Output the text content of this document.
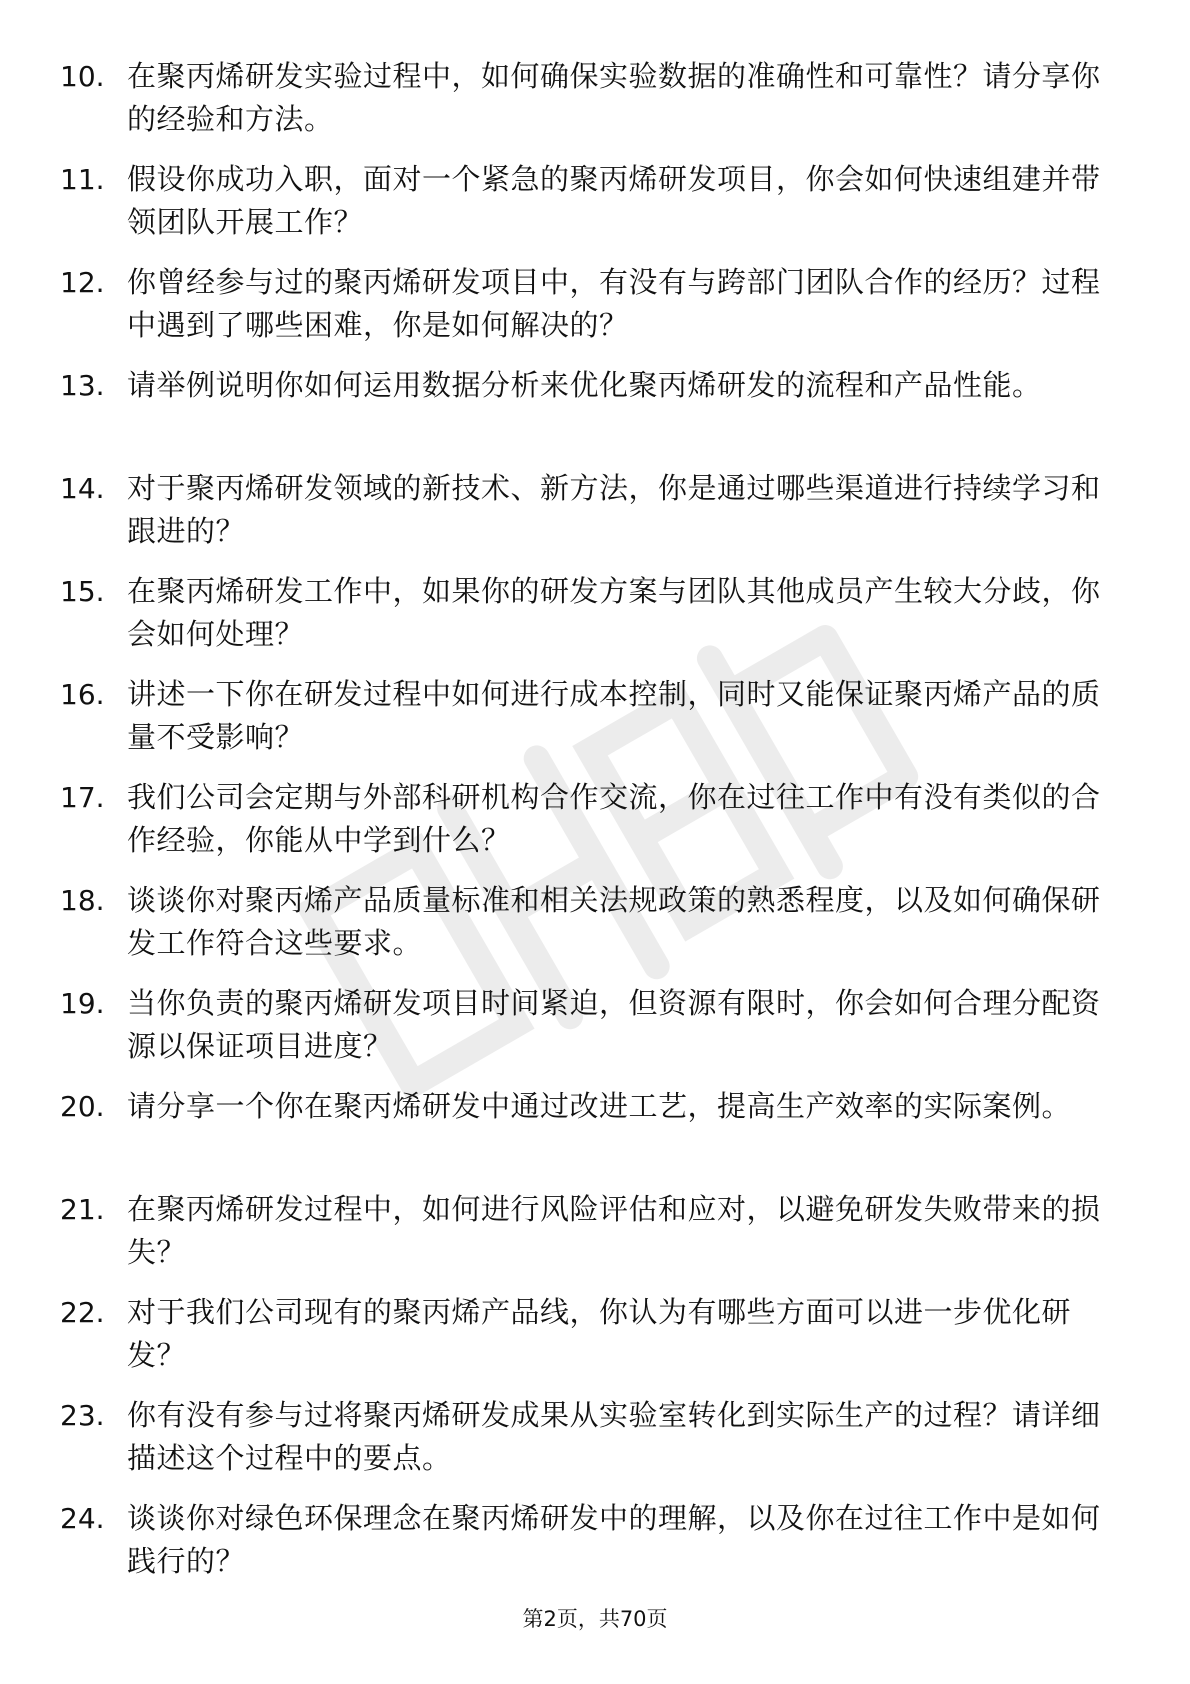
10. 在聚丙烯研发实验过程中，如何确保实验数据的准确性和可靠性？请分享你的经验和方法。
11. 假设你成功入职，面对一个紧急的聚丙烯研发项目，你会如何快速组建并带领团队开展工作？
12. 你曾经参与过的聚丙烯研发项目中，有没有与跨部门团队合作的经历？过程中遇到了哪些困难，你是如何解决的？
13. 请举例说明你如何运用数据分析来优化聚丙烯研发的流程和产品性能。
14. 对于聚丙烯研发领域的新技术、新方法，你是通过哪些渠道进行持续学习和跟进的？
15. 在聚丙烯研发工作中，如果你的研发方案与团队其他成员产生较大分歧，你会如何处理？
16. 讲述一下你在研发过程中如何进行成本控制，同时又能保证聚丙烯产品的质量不受影响？
17. 我们公司会定期与外部科研机构合作交流，你在过往工作中有没有类似的合作经验，你能从中学到什么？
18. 谈谈你对聚丙烯产品质量标准和相关法规政策的熟悉程度，以及如何确保研发工作符合这些要求。
19. 当你负责的聚丙烯研发项目时间紧迫，但资源有限时，你会如何合理分配资源以保证项目进度？
20. 请分享一个你在聚丙烯研发中通过改进工艺，提高生产效率的实际案例。
21. 在聚丙烯研发过程中，如何进行风险评估和应对，以避免研发失败带来的损失？
22. 对于我们公司现有的聚丙烯产品线，你认为有哪些方面可以进一步优化研发？
23. 你有没有参与过将聚丙烯研发成果从实验室转化到实际生产的过程？请详细描述这个过程中的要点。
24. 谈谈你对绿色环保理念在聚丙烯研发中的理解，以及你在过往工作中是如何践行的？
第2页，共70页
